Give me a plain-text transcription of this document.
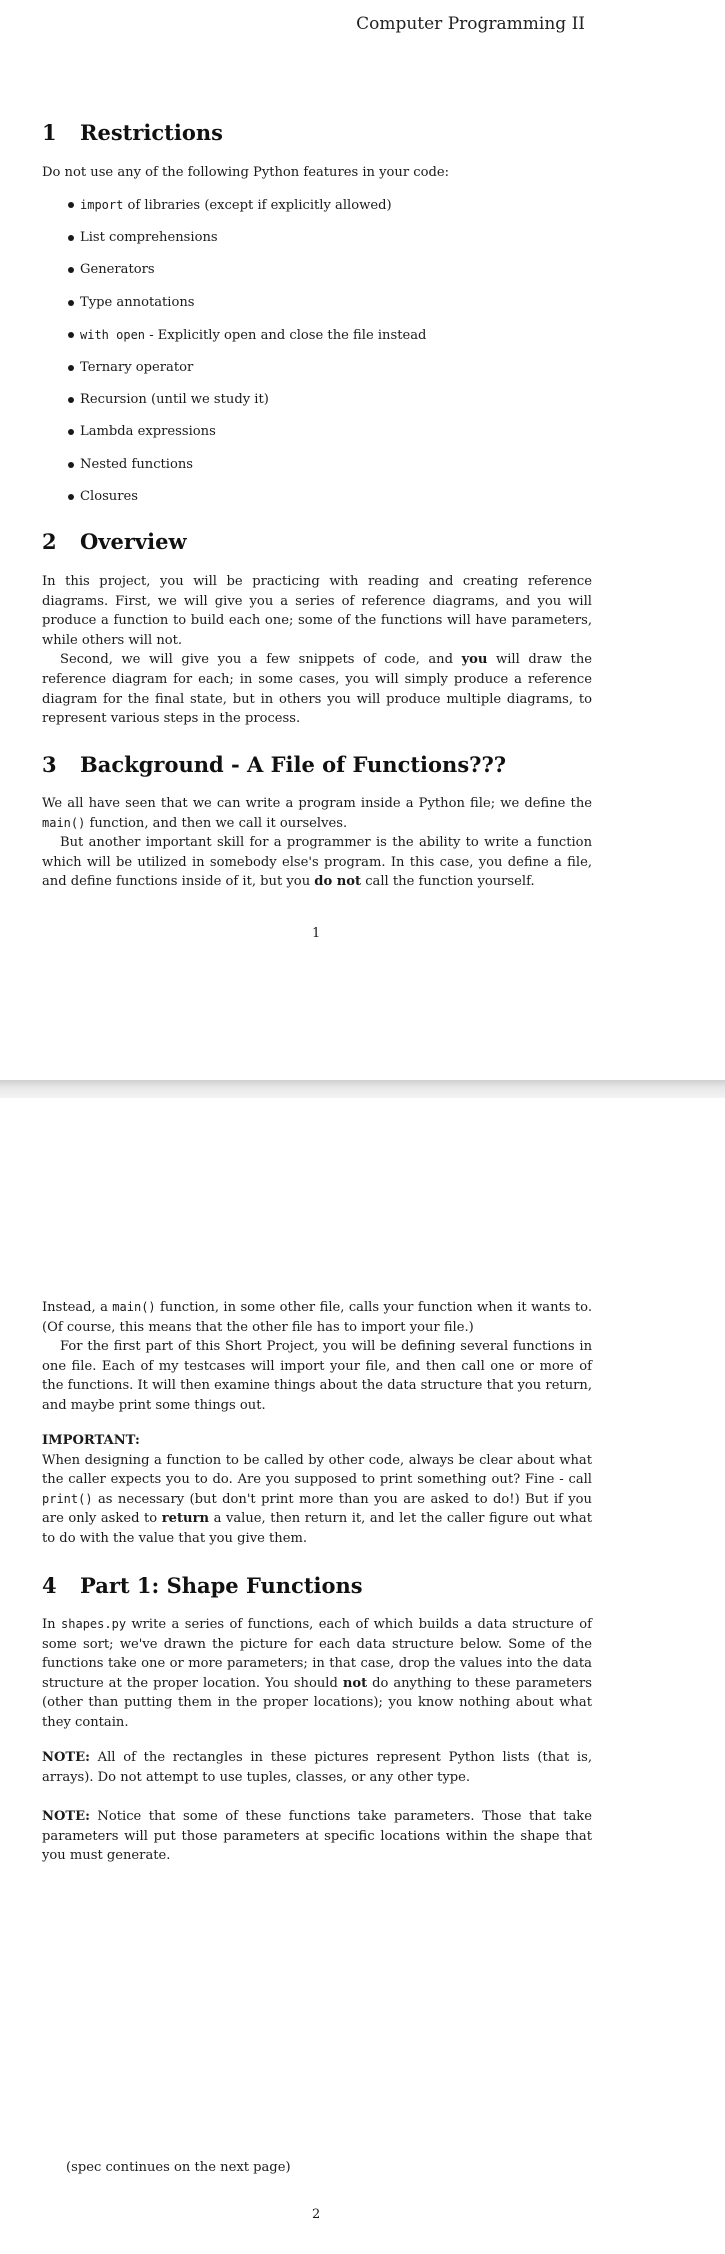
Computer Programming II
1 Restrictions

Do not use any of the following Python features in your code:

import of libraries (except if explicitly allowed)
List comprehensions
Generators
Type annotations
with open - Explicitly open and close the file instead
Ternary operator
Recursion (until we study it)
Lambda expressions
Nested functions
Closures
2 Overview

In this project, you will be practicing with reading and creating reference diagrams. First, we will give you a series of reference diagrams, and you will produce a function to build each one; some of the functions will have parameters, while others will not.

Second, we will give you a few snippets of code, and you will draw the reference diagram for each; in some cases, you will simply produce a reference diagram for the final state, but in others you will produce multiple diagrams, to represent various steps in the process.

3 Background - A File of Functions???

We all have seen that we can write a program inside a Python file; we define the main() function, and then we call it ourselves.

But another important skill for a programmer is the ability to write a function which will be utilized in somebody else's program. In this case, you define a file, and define functions inside of it, but you do not call the function yourself.

1

Instead, a main() function, in some other file, calls your function when it wants to. (Of course, this means that the other file has to import your file.)

For the first part of this Short Project, you will be defining several functions in one file. Each of my testcases will import your file, and then call one or more of the functions. It will then examine things about the data structure that you return, and maybe print some things out.

IMPORTANT:

When designing a function to be called by other code, always be clear about what the caller expects you to do. Are you supposed to print something out? Fine - call print() as necessary (but don't print more than you are asked to do!) But if you are only asked to return a value, then return it, and let the caller figure out what to do with the value that you give them.

4 Part 1: Shape Functions

In shapes.py write a series of functions, each of which builds a data structure of some sort; we've drawn the picture for each data structure below. Some of the functions take one or more parameters; in that case, drop the values into the data structure at the proper location. You should not do anything to these parameters (other than putting them in the proper locations); you know nothing about what they contain.

NOTE: All of the rectangles in these pictures represent Python lists (that is, arrays). Do not attempt to use tuples, classes, or any other type.

NOTE: Notice that some of these functions take parameters. Those that take parameters will put those parameters at specific locations within the shape that you must generate.

(spec continues on the next page)

2
